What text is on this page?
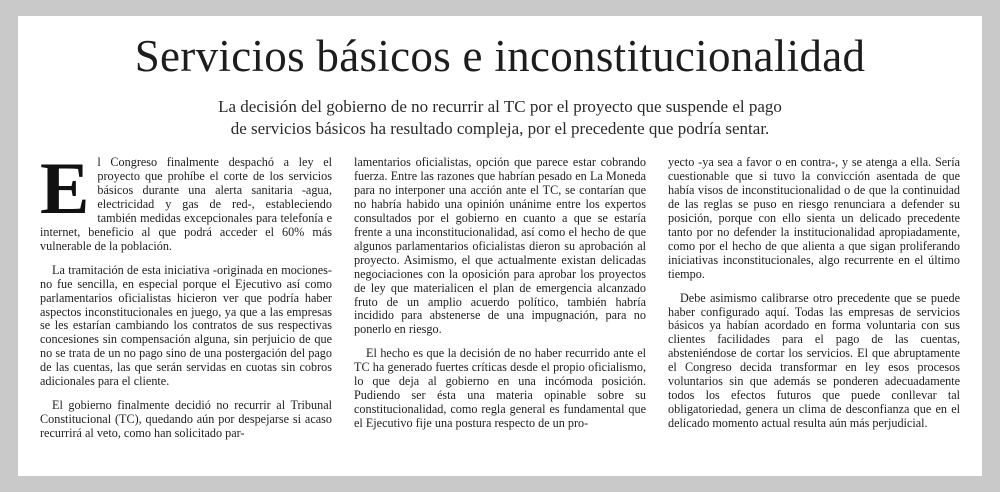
Servicios básicos e inconstitucionalidad
La decisión del gobierno de no recurrir al TC por el proyecto que suspende el pago
de servicios básicos ha resultado compleja, por el precedente que podría sentar.

El Congreso finalmente despachó a ley el proyecto que prohíbe el corte de los servicios básicos durante una alerta sanitaria -agua, electricidad y gas de red-, estableciendo también medidas excepcionales para telefonía e internet, beneficio al que podrá acceder el 60% más vulnerable de la población.

La tramitación de esta iniciativa -originada en mociones- no fue sencilla, en especial porque el Ejecutivo así como parlamentarios oficialistas hicieron ver que podría haber aspectos inconstitucionales en juego, ya que a las empresas se les estarían cambiando los contratos de sus respectivas concesiones sin compensación alguna, sin perjuicio de que no se trata de un no pago sino de una postergación del pago de las cuentas, las que serán servidas en cuotas sin cobros adicionales para el cliente.

El gobierno finalmente decidió no recurrir al Tribunal Constitucional (TC), quedando aún por despejarse si acaso recurrirá al veto, como han solicitado par-

lamentarios oficialistas, opción que parece estar cobrando fuerza. Entre las razones que habrían pesado en La Moneda para no interponer una acción ante el TC, se contarían que no habría habido una opinión unánime entre los expertos consultados por el gobierno en cuanto a que se estaría frente a una inconstitucionalidad, así como el hecho de que algunos parlamentarios oficialistas dieron su aprobación al proyecto. Asimismo, el que actualmente existan delicadas negociaciones con la oposición para aprobar los proyectos de ley que materialicen el plan de emergencia alcanzado fruto de un amplio acuerdo político, también habría incidido para abstenerse de una impugnación, para no ponerlo en riesgo.

El hecho es que la decisión de no haber recurrido ante el TC ha generado fuertes críticas desde el propio oficialismo, lo que deja al gobierno en una incómoda posición. Pudiendo ser ésta una materia opinable sobre su constitucionalidad, como regla general es fundamental que el Ejecutivo fije una postura respecto de un pro-

yecto -ya sea a favor o en contra-, y se atenga a ella. Sería cuestionable que si tuvo la convicción asentada de que había visos de inconstitucionalidad o de que la continuidad de las reglas se puso en riesgo renunciara a defender su posición, porque con ello sienta un delicado precedente tanto por no defender la institucionalidad apropiadamente, como por el hecho de que alienta a que sigan proliferando iniciativas inconstitucionales, algo recurrente en el último tiempo.

Debe asimismo calibrarse otro precedente que se puede haber configurado aquí. Todas las empresas de servicios básicos ya habían acordado en forma voluntaria con sus clientes facilidades para el pago de las cuentas, absteniéndose de cortar los servicios. El que abruptamente el Congreso decida transformar en ley esos procesos voluntarios sin que además se ponderen adecuadamente todos los efectos futuros que puede conllevar tal obligatoriedad, genera un clima de desconfianza que en el delicado momento actual resulta aún más perjudicial.
